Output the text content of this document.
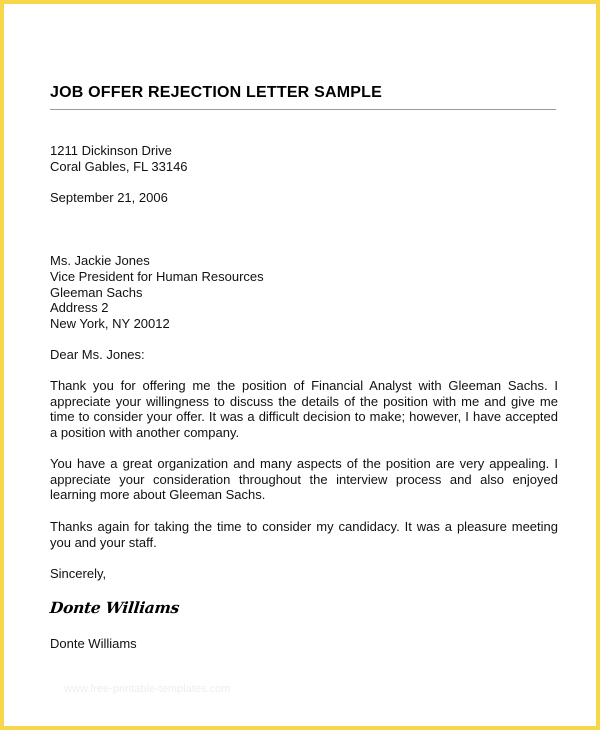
JOB OFFER REJECTION LETTER SAMPLE

1211 Dickinson Drive

Coral Gables, FL 33146

September 21, 2006

Ms. Jackie Jones

Vice President for Human Resources

Gleeman Sachs

Address 2

New York, NY 20012

Dear Ms. Jones:

Thank you for offering me the position of Financial Analyst with Gleeman Sachs. I appreciate your willingness to discuss the details of the position with me and give me time to consider your offer. It was a difficult decision to make; however, I have accepted a position with another company.

You have a great organization and many aspects of the position are very appealing. I appreciate your consideration throughout the interview process and also enjoyed learning more about Gleeman Sachs.

Thanks again for taking the time to consider my candidacy. It was a pleasure meeting you and your staff.

Sincerely,
Donte Williams
Donte Williams
www.free-printable-templates.com
